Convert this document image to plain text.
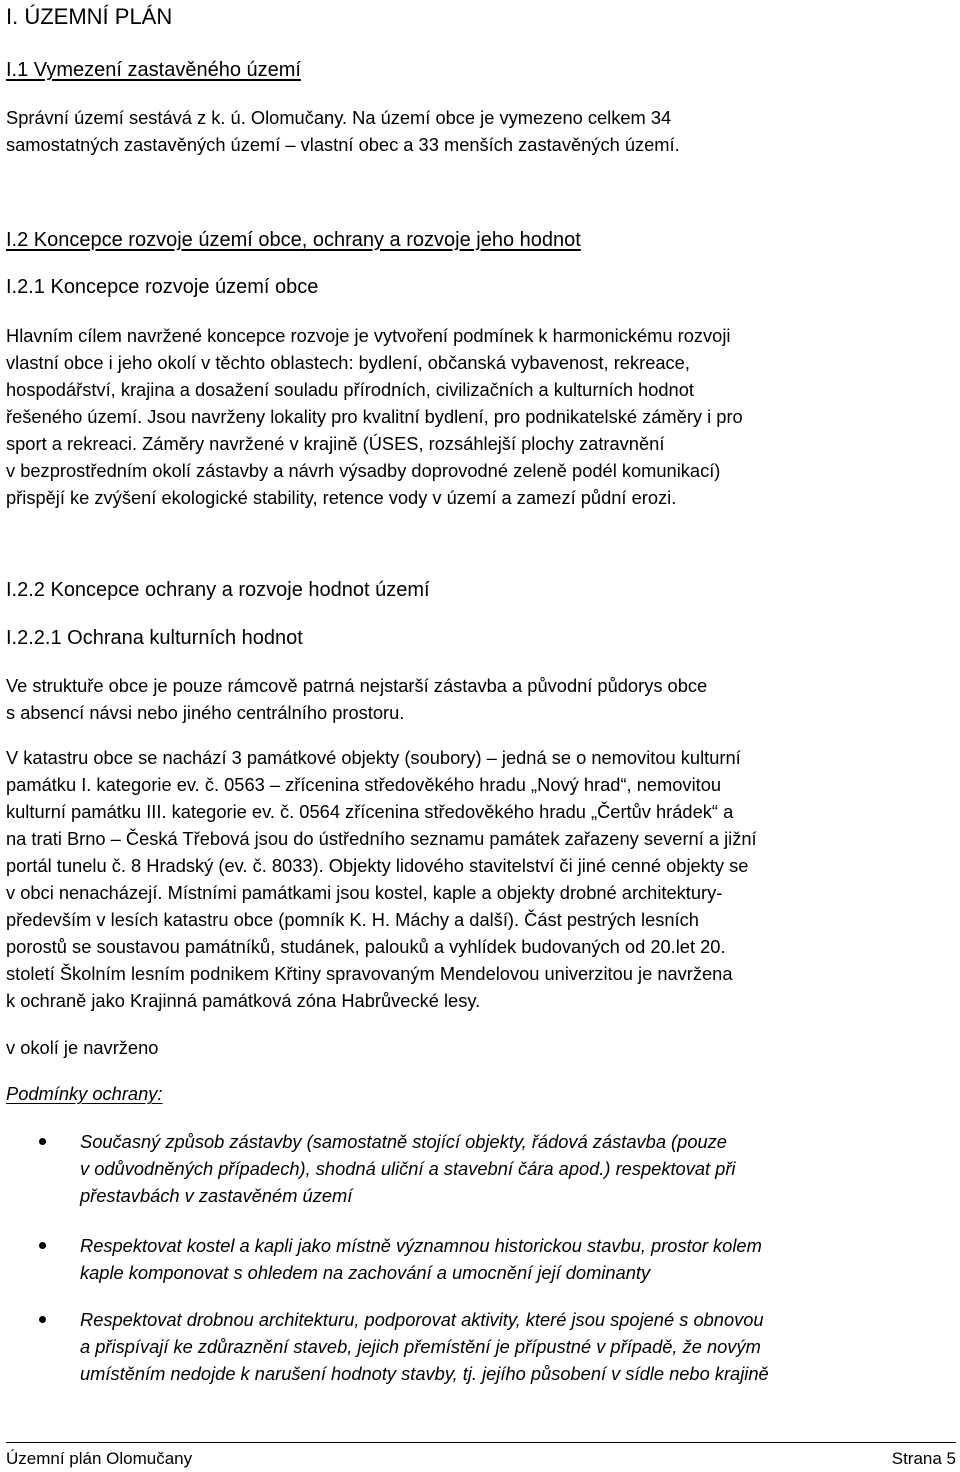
I. ÚZEMNÍ PLÁN
I.1 Vymezení zastavěného území

Správní území sestává z k. ú. Olomučany. Na území obce je vymezeno celkem 34
samostatných zastavěných území – vlastní obec a 33 menších zastavěných území.

I.2 Koncepce rozvoje území obce, ochrany a rozvoje jeho hodnot
I.2.1 Koncepce rozvoje území obce

Hlavním cílem navržené koncepce rozvoje je vytvoření podmínek k harmonickému rozvoji
vlastní obce i jeho okolí v těchto oblastech: bydlení, občanská vybavenost, rekreace,
hospodářství, krajina a dosažení souladu přírodních, civilizačních a kulturních hodnot
řešeného území. Jsou navrženy lokality pro kvalitní bydlení, pro podnikatelské záměry i pro
sport a rekreaci. Záměry navržené v krajině (ÚSES, rozsáhlejší plochy zatravnění
v bezprostředním okolí zástavby a návrh výsadby doprovodné zeleně podél komunikací)
přispějí ke zvýšení ekologické stability, retence vody v území a zamezí půdní erozi.

I.2.2 Koncepce ochrany a rozvoje hodnot území
I.2.2.1 Ochrana kulturních hodnot

Ve struktuře obce je pouze rámcově patrná nejstarší zástavba a původní půdorys obce
s absencí návsi nebo jiného centrálního prostoru.

V katastru obce se nachází 3 památkové objekty (soubory) – jedná se o nemovitou kulturní
památku I. kategorie ev. č. 0563 – zřícenina středověkého hradu „Nový hrad“, nemovitou
kulturní památku III. kategorie ev. č. 0564 zřícenina středověkého hradu „Čertův hrádek“ a
na trati Brno – Česká Třebová jsou do ústředního seznamu památek zařazeny severní a jižní
portál tunelu č. 8 Hradský (ev. č. 8033). Objekty lidového stavitelství či jiné cenné objekty se
v obci nenacházejí. Místními památkami jsou kostel, kaple a objekty drobné architektury-
především v lesích katastru obce (pomník K. H. Máchy a další). Část pestrých lesních
porostů se soustavou památníků, studánek, palouků a vyhlídek budovaných od 20.let 20.
století Školním lesním podnikem Křtiny spravovaným Mendelovou univerzitou je navržena
k ochraně jako Krajinná památková zóna Habrůvecké lesy.

v okolí je navrženo

Podmínky ochrany:

Současný způsob zástavby (samostatně stojící objekty, řádová zástavba (pouze
v odůvodněných případech), shodná uliční a stavební čára apod.) respektovat při
přestavbách v zastavěném území
Respektovat kostel a kapli jako místně významnou historickou stavbu, prostor kolem
kaple komponovat s ohledem na zachování a umocnění její dominanty
Respektovat drobnou architekturu, podporovat aktivity, které jsou spojené s obnovou
a přispívají ke zdůraznění staveb, jejich přemístění je přípustné v případě, že novým
umístěním nedojde k narušení hodnoty stavby, tj. jejího působení v sídle nebo krajině
Územní plán Olomučany	Strana 5
